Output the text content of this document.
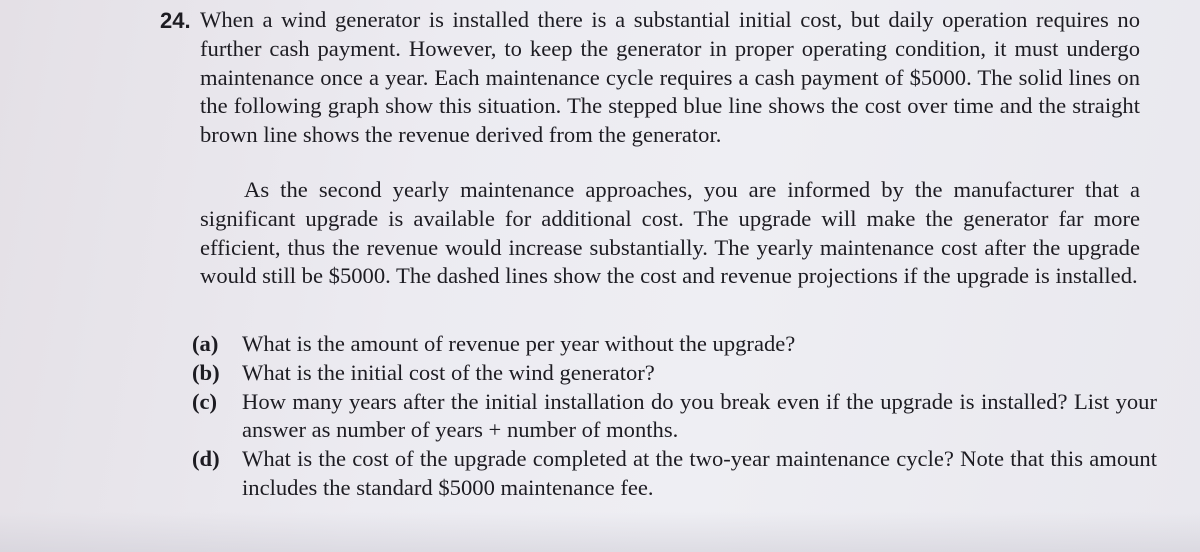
24. When a wind generator is installed there is a substantial initial cost, but daily operation requires no further cash payment. However, to keep the generator in proper operating condition, it must undergo maintenance once a year. Each maintenance cycle requires a cash payment of $5000. The solid lines on the following graph show this situation. The stepped blue line shows the cost over time and the straight brown line shows the revenue derived from the generator.
As the second yearly maintenance approaches, you are informed by the manufacturer that a significant upgrade is available for additional cost. The upgrade will make the generator far more efficient, thus the revenue would increase substantially. The yearly maintenance cost after the upgrade would still be $5000. The dashed lines show the cost and revenue projections if the upgrade is installed.
(a)	What is the amount of revenue per year without the upgrade?
(b) What is the initial cost of the wind generator?
(c)	How many years after the initial installation do you break even if the upgrade is installed? List your answer as number of years + number of months.
(d) What is the cost of the upgrade completed at the two-year maintenance cycle? Note that this amount includes the standard $5000 maintenance fee.
